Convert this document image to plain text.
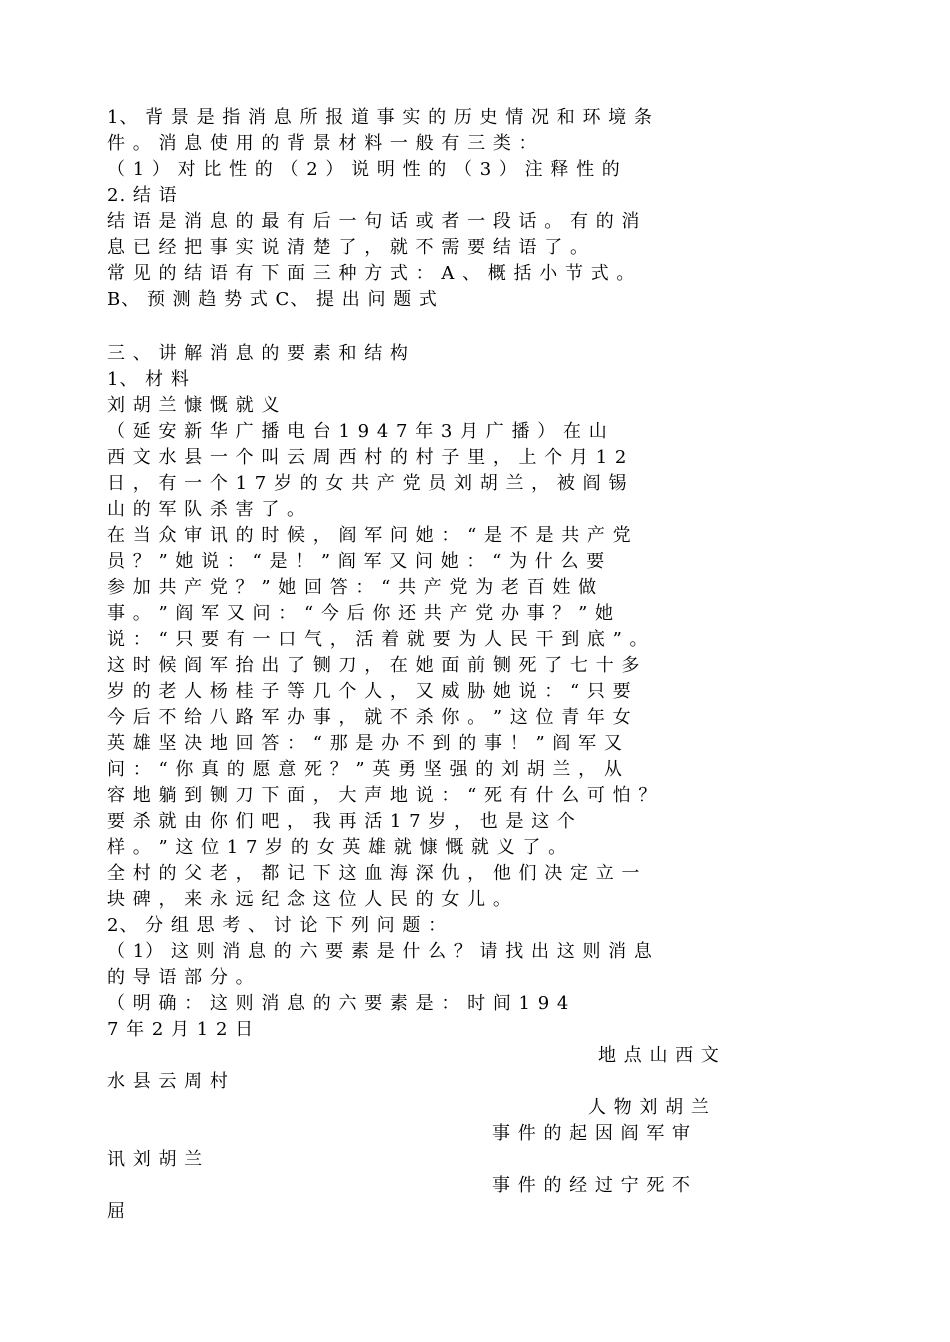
1、 背 景 是 指 消 息 所 报 道 事 实 的 历 史 情 况 和 环 境 条
件 。 消 息 使 用 的 背 景 材 料 一 般 有 三 类 ：
（ 1 ） 对 比 性 的 （ 2 ） 说 明 性 的 （ 3 ） 注 释 性 的
2. 结 语
结 语 是 消 息 的 最 有 后 一 句 话 或 者 一 段 话 。 有 的 消
息 已 经 把 事 实 说 清 楚 了 ， 就 不 需 要 结 语 了 。
常 见 的 结 语 有 下 面 三 种 方 式 ： A 、 概 括 小 节 式 。
B、 预 测 趋 势 式 C、 提 出 问 题 式
三 、 讲 解 消 息 的 要 素 和 结 构
1、 材 料
刘 胡 兰 慷 慨 就 义
（ 延 安 新 华 广 播 电 台 1 9 4 7 年 3 月 广 播 ） 在 山
西 文 水 县 一 个 叫 云 周 西 村 的 村 子 里 ， 上 个 月 1 2
日 ， 有 一 个 1 7 岁 的 女 共 产 党 员 刘 胡 兰 ， 被 阎 锡
山 的 军 队 杀 害 了 。
在 当 众 审 讯 的 时 候 ， 阎 军 问 她 ： “ 是 不 是 共 产 党
员 ？ ” 她 说 ： “ 是 ！ ” 阎 军 又 问 她 ： “ 为 什 么 要
参 加 共 产 党 ？ ” 她 回 答 ： “ 共 产 党 为 老 百 姓 做
事 。 ” 阎 军 又 问 ： “ 今 后 你 还 共 产 党 办 事 ？ ” 她
说 ： “ 只 要 有 一 口 气 ， 活 着 就 要 为 人 民 干 到 底 ” 。
这 时 候 阎 军 抬 出 了 铡 刀 ， 在 她 面 前 铡 死 了 七 十 多
岁 的 老 人 杨 桂 子 等 几 个 人 ， 又 威 胁 她 说 ： “ 只 要
今 后 不 给 八 路 军 办 事 ， 就 不 杀 你 。 ” 这 位 青 年 女
英 雄 坚 决 地 回 答 ： “ 那 是 办 不 到 的 事 ！ ” 阎 军 又
问 ： “ 你 真 的 愿 意 死 ？ ” 英 勇 坚 强 的 刘 胡 兰 ， 从
容 地 躺 到 铡 刀 下 面 ， 大 声 地 说 ： “ 死 有 什 么 可 怕 ？
要 杀 就 由 你 们 吧 ， 我 再 活 1 7 岁 ， 也 是 这 个
样 。 ” 这 位 1 7 岁 的 女 英 雄 就 慷 慨 就 义 了 。
全 村 的 父 老 ， 都 记 下 这 血 海 深 仇 ， 他 们 决 定 立 一
块 碑 ， 来 永 远 纪 念 这 位 人 民 的 女 儿 。
2、 分 组 思 考 、 讨 论 下 列 问 题 ：
（ 1） 这 则 消 息 的 六 要 素 是 什 么 ？ 请 找 出 这 则 消 息
的 导 语 部 分 。
（ 明 确 ： 这 则 消 息 的 六 要 素 是 ： 时 间 1 9 4
7 年 2 月 1 2 日
地 点 山 西 文
水 县 云 周 村
人 物 刘 胡 兰
事 件 的 起 因 阎 军 审
讯 刘 胡 兰
事 件 的 经 过 宁 死 不
屈
